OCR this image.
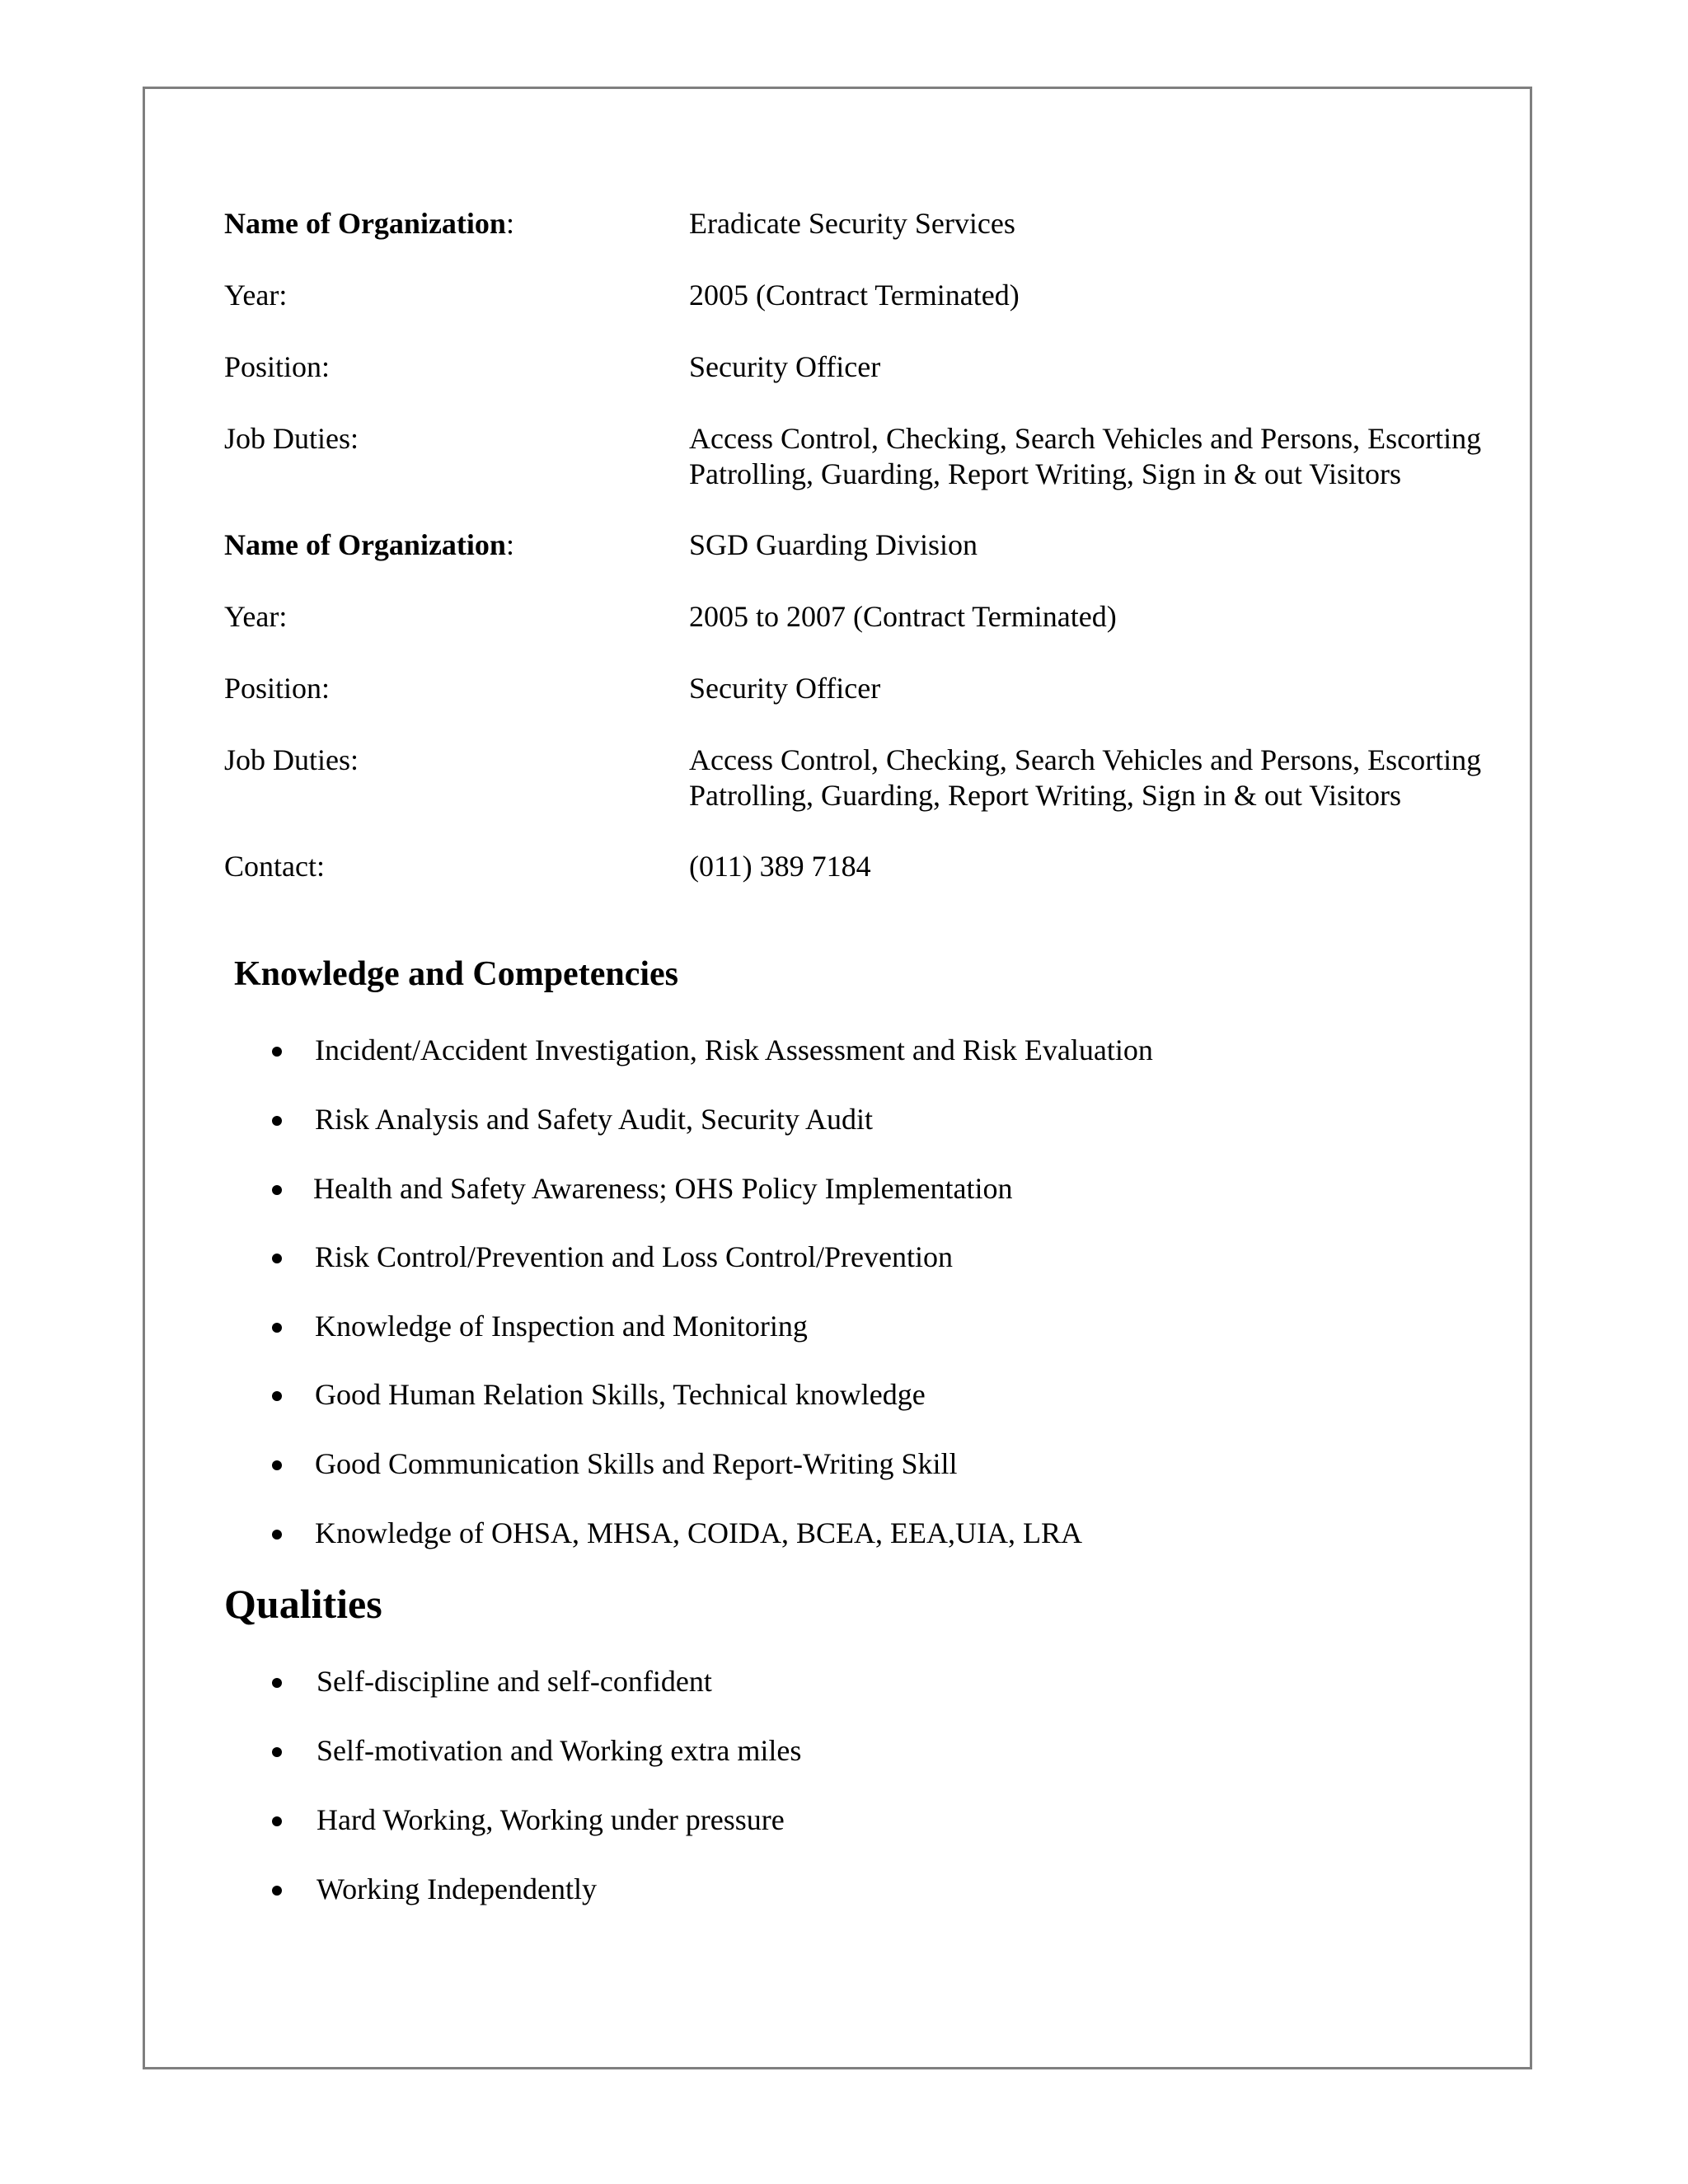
Name of Organization:	Eradicate Security Services
Year:	2005 (Contract Terminated)
Position:	Security Officer
Job Duties:	Access Control, Checking, Search Vehicles and Persons, Escorting
Patrolling, Guarding, Report Writing, Sign in & out Visitors
Name of Organization:	SGD Guarding Division
Year:	2005 to 2007 (Contract Terminated)
Position:	Security Officer
Job Duties:	Access Control, Checking, Search Vehicles and Persons, Escorting
Patrolling, Guarding, Report Writing, Sign in & out Visitors
Contact:	(011) 389 7184
Knowledge and Competencies
Incident/Accident Investigation, Risk Assessment and Risk Evaluation
Risk Analysis and Safety Audit, Security Audit
Health and Safety Awareness; OHS Policy Implementation
Risk Control/Prevention and Loss Control/Prevention
Knowledge of Inspection and Monitoring
Good Human Relation Skills, Technical knowledge
Good Communication Skills and Report-Writing Skill
Knowledge of OHSA, MHSA, COIDA, BCEA, EEA,UIA, LRA
Qualities
Self-discipline and self-confident
Self-motivation and Working extra miles
Hard Working, Working under pressure
Working Independently
